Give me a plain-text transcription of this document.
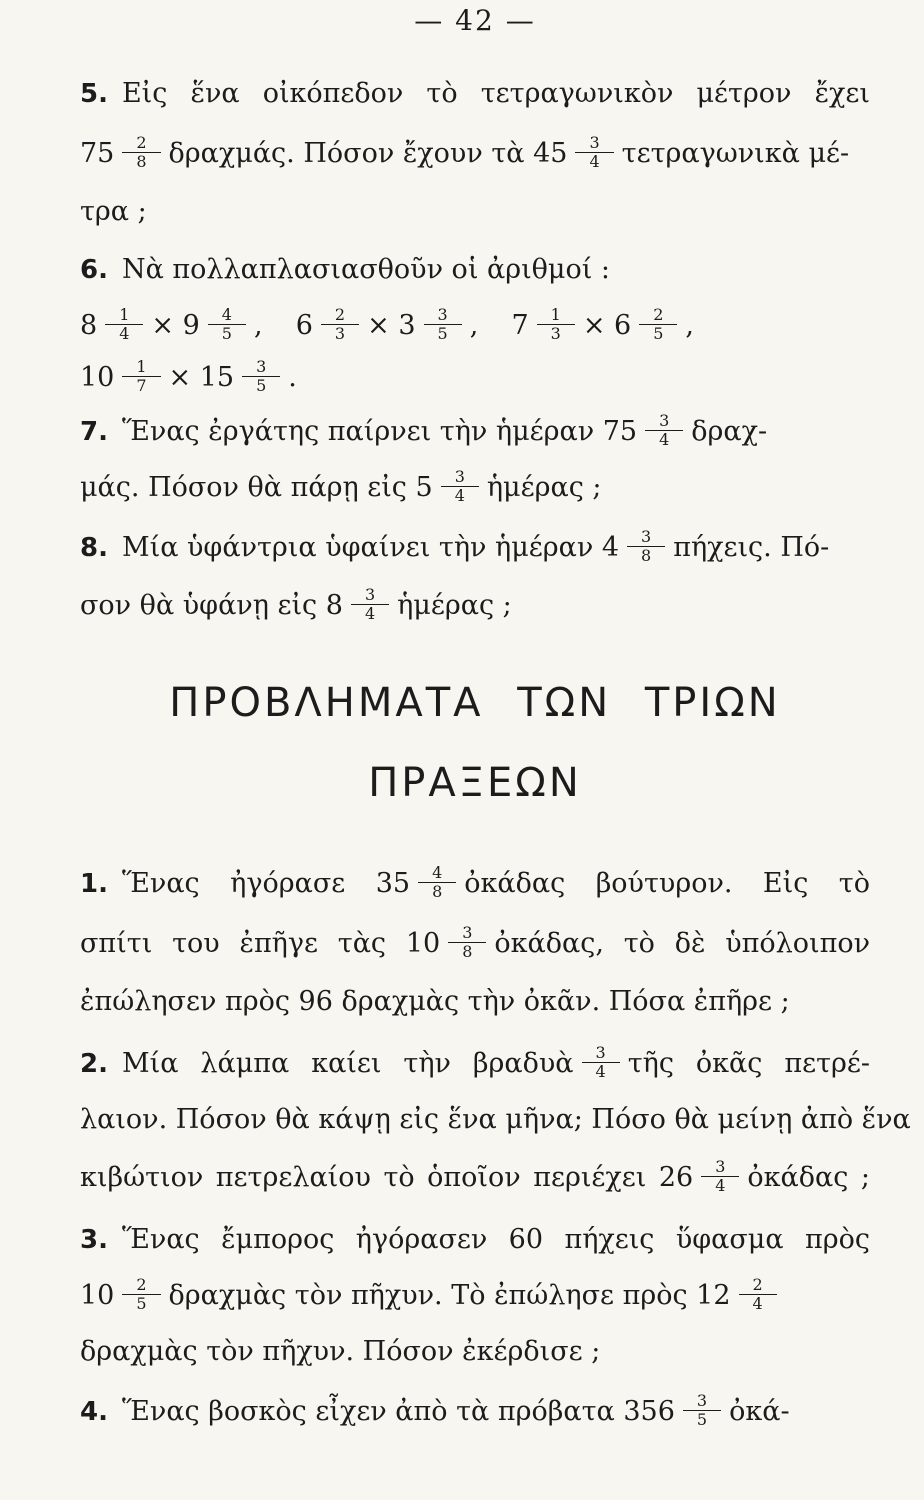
— 42 —
5. Εἰς ἕνα οἰκόπεδον τὸ τετραγωνικὸν μέτρον ἔχει
$75 \frac{2}{8} \delta\rho\alpha\chi\mu ά\varsigma$. Πόσον ἔχουν τὰ $45 \frac{3}{4}$ τετραγωνικὰ μέ-
τρα ;
6. Νὰ πολλαπλασιασθοῦν οἱ ἀριθμοί :
$8 \frac{1}{4} \times 9 \frac{4}{5}$ , $6 \frac{2}{3} \times 3 \frac{3}{5}$ , $7 \frac{1}{3} \times 6 \frac{2}{5}$ ,
$10 \frac{1}{7} \times 15 \frac{3}{5}$ .
7. Ἕνας ἐργάτης παίρνει τὴν ἡμέραν $75 \frac{3}{4} \delta\rho\alpha\chi-$
μάς. Πόσον θὰ πάρῃ εἰς $5 \frac{3}{4}$ ἡμέρας ;
8. Μία ὑφάντρια ὑφαίνει τὴν ἡμέραν $4 \frac{3}{8} \pi ή\chi\varepsilon\iota\varsigma$. Πό-
σον θὰ ὑφάνῃ εἰς $8 \frac{3}{4}$ ἡμέρας ;
ΠΡΟΒΛΗΜΑΤΑ ΤΩΝ ΤΡΙΩΝ
ΠΡΑΞΕΩΝ
1. Ἕνας ἠγόρασε $35 \frac{4}{8}$ ὀκάδας βούτυρον. Εἰς τὸ
σπίτι του ἐπῆγε τὰς $10 \frac{3}{8}$ ὀκάδας, τὸ δὲ ὑπόλοιπον
ἐπώλησεν πρὸς 96 δραχμὰς τὴν ὀκᾶν. Πόσα ἐπῆρε ;
2. Μία λάμπα καίει τὴν βραδυὰ $\frac{3}{4}$ τῆς ὀκᾶς πετρέ-
λαιον. Πόσον θὰ κάψῃ εἰς ἕνα μῆνα; Πόσο θὰ μείνῃ ἀπὸ ἕνα
κιβώτιον πετρελαίου τὸ ὁποῖον περιέχει $26 \frac{3}{4}$ ὀκάδας ;
3. Ἕνας ἔμπορος ἠγόρασεν 60 πήχεις ὕφασμα πρὸς
$10 \frac{2}{5}$ δραχμὰς τὸν πῆχυν. Τὸ ἐπώλησε πρὸς $12 \frac{2}{4}$
δραχμὰς τὸν πῆχυν. Πόσον ἐκέρδισε ;
4. Ἕνας βοσκὸς εἶχεν ἀπὸ τὰ πρόβατα $356 \frac{3}{5}$ ὀκά-
